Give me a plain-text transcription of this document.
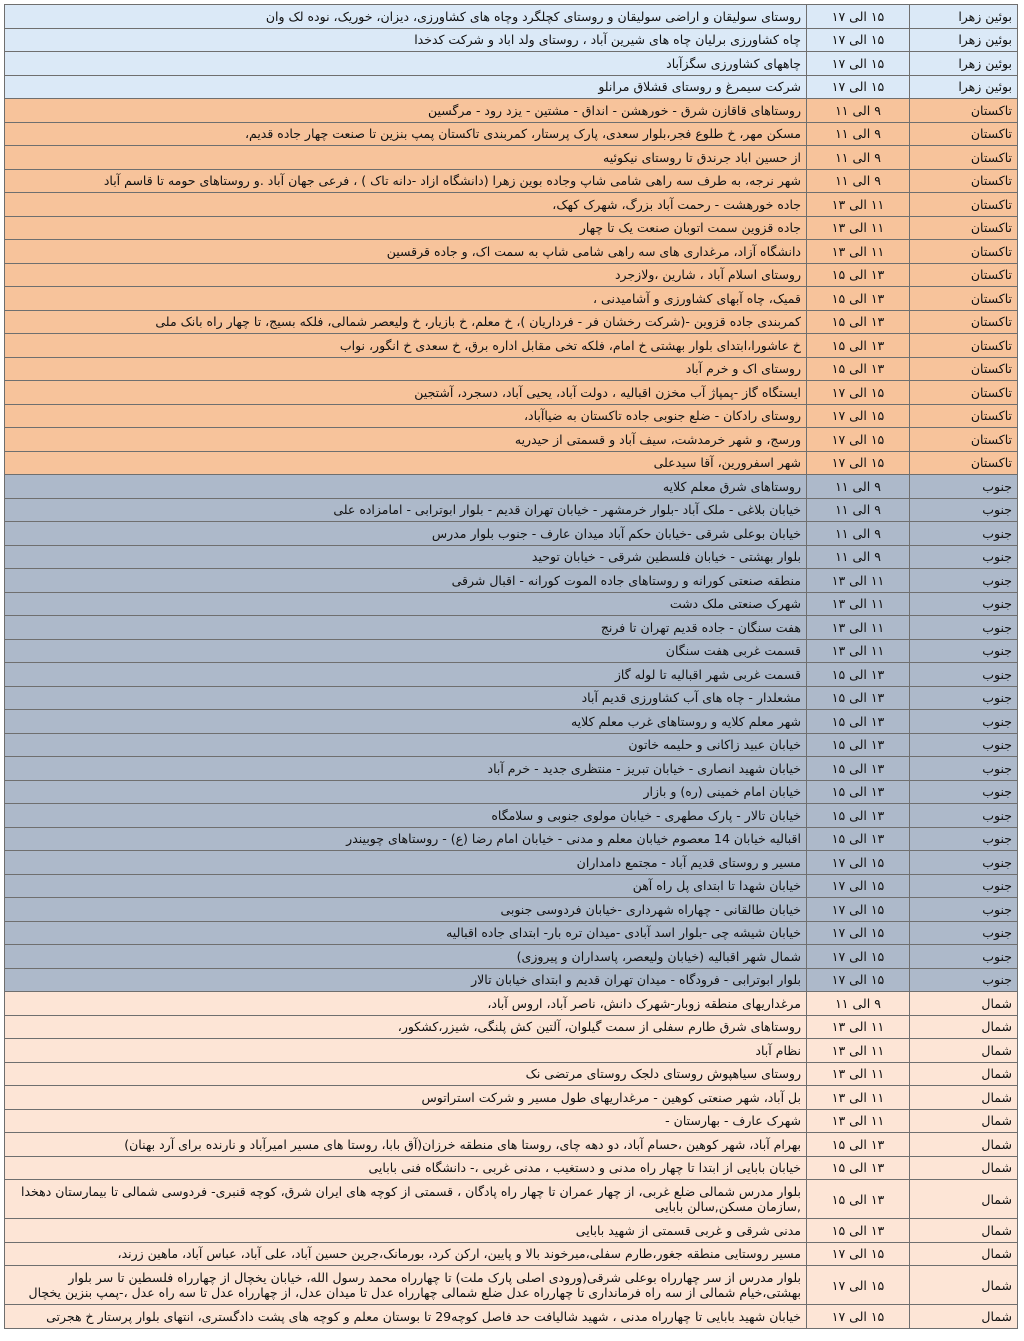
بوئین زهرا	۱۵ الی ۱۷	روستای سولیقان و اراضی سولیقان و روستای کچلگرد وچاه های کشاورزی، دیزان، خوریک، نوده لک وان
بوئین زهرا	۱۵ الی ۱۷	چاه کشاورزی برلیان چاه های شیرین آباد ، روستای ولد اباد و شرکت کدخدا
بوئین زهرا	۱۵ الی ۱۷	چاههای کشاورزی سگزآباد
بوئین زهرا	۱۵ الی ۱۷	شرکت سیمرغ و روستای قشلاق مرانلو
تاکستان	۹ الی ۱۱	روستاهای قاقازن شرق - خورهشن - انداق - مشتین - یزد رود - مرگسین
تاکستان	۹ الی ۱۱	مسکن مهر، خ طلوع فجر،بلوار سعدی، پارک پرستار، کمربندی تاکستان پمپ بنزین تا صنعت چهار جاده قدیم،
تاکستان	۹ الی ۱۱	از حسین اباد جرندق تا روستای نیکوئیه
تاکستان	۹ الی ۱۱	شهر نرجه، به طرف سه راهی شامی شاپ وجاده بوین زهرا (دانشگاه ازاد -دانه تاک ) ، فرعی جهان آباد .و روستاهای حومه تا قاسم آباد
تاکستان	۱۱ الی ۱۳	جاده خورهشت - رحمت آباد بزرگ، شهرک کهک،
تاکستان	۱۱ الی ۱۳	جاده قزوین سمت اتوبان صنعت یک تا چهار
تاکستان	۱۱ الی ۱۳	دانشگاه آزاد، مرغداری های سه راهی شامی شاپ به سمت اک، و جاده قرقسین
تاکستان	۱۳ الی ۱۵	روستای اسلام آباد ، شارین ،ولازجرد
تاکستان	۱۳ الی ۱۵	قمیک، چاه آبهای کشاورزی و آشامیدنی ،
تاکستان	۱۳ الی ۱۵	کمربندی جاده قزوین -(شرکت رخشان فر - فرداریان )، خ معلم، خ بازیار، خ ولیعصر شمالی، فلکه بسیج، تا چهار راه بانک ملی
تاکستان	۱۳ الی ۱۵	خ عاشورا،ابتدای بلوار بهشتی خ امام، فلکه تخی مقابل اداره برق، خ سعدی خ انگور، نواب
تاکستان	۱۳ الی ۱۵	روستای اک و خرم آباد
تاکستان	۱۵ الی ۱۷	ایستگاه گاز -پمپاژ آب مخزن اقبالیه ، دولت آباد، یحیی آباد، دسجرد، آشتجین
تاکستان	۱۵ الی ۱۷	روستای رادکان - ضلع جنوبی جاده تاکستان به ضیاآباد،
تاکستان	۱۵ الی ۱۷	ورسج، و شهر خرمدشت، سیف آباد و قسمتی از حیدریه
تاکستان	۱۵ الی ۱۷	شهر اسفرورین، آقا سیدعلی
جنوب	۹ الی ۱۱	روستاهای شرق معلم کلایه
جنوب	۹ الی ۱۱	خیابان بلاغی - ملک آباد -بلوار خرمشهر - خیابان تهران قدیم - بلوار ابوترابی - امامزاده علی
جنوب	۹ الی ۱۱	خیابان بوعلی شرقی -خیابان حکم آباد میدان عارف - جنوب بلوار مدرس
جنوب	۹ الی ۱۱	بلوار بهشتی - خیابان فلسطین شرقی - خیابان توحید
جنوب	۱۱ الی ۱۳	منطقه صنعتی کورانه و روستاهای جاده الموت کورانه - اقبال شرقی
جنوب	۱۱ الی ۱۳	شهرک صنعتی ملک دشت
جنوب	۱۱ الی ۱۳	هفت سنگان - جاده قدیم تهران تا فرنج
جنوب	۱۱ الی ۱۳	قسمت غربی هفت سنگان
جنوب	۱۳ الی ۱۵	قسمت غربی شهر اقبالیه تا لوله گاز
جنوب	۱۳ الی ۱۵	مشعلدار - چاه های آب کشاورزی قدیم آباد
جنوب	۱۳ الی ۱۵	شهر معلم کلایه و روستاهای غرب معلم کلایه
جنوب	۱۳ الی ۱۵	خیابان عبید زاکانی و حلیمه خاتون
جنوب	۱۳ الی ۱۵	خیابان شهید انصاری - خیابان تبریز - منتظری جدید - خرم آباد
جنوب	۱۳ الی ۱۵	خیابان امام خمینی (ره) و بازار
جنوب	۱۳ الی ۱۵	خیابان تالار - پارک مطهری - خیابان مولوی جنوبی و سلامگاه
جنوب	۱۳ الی ۱۵	اقبالیه خیابان 14 معصوم خیابان معلم و مدنی - خیابان امام رضا (ع) - روستاهای چوبیندر
جنوب	۱۵ الی ۱۷	مسیر و روستای قدیم آباد - مجتمع دامداران
جنوب	۱۵ الی ۱۷	خیابان شهدا تا ابتدای پل راه آهن
جنوب	۱۵ الی ۱۷	خیابان طالقانی - چهاراه شهرداری -خیابان فردوسی جنوبی
جنوب	۱۵ الی ۱۷	خیابان شیشه چی -بلوار اسد آبادی -میدان تره بار- ابتدای جاده اقبالیه
جنوب	۱۵ الی ۱۷	شمال شهر اقبالیه (خیابان ولیعصر، پاسداران و پیروزی)
جنوب	۱۵ الی ۱۷	بلوار ابوترابی - فرودگاه - میدان تهران قدیم و ابتدای خیابان تالار
شمال	۹ الی ۱۱	مرغداریهای منطقه زوبار-شهرک دانش، ناصر آباد، اروس آباد،
شمال	۱۱ الی ۱۳	روستاهای شرق طارم سفلی از سمت گیلوان، آلتین کش پلنگی، شیزر،کشکور،
شمال	۱۱ الی ۱۳	نظام آباد
شمال	۱۱ الی ۱۳	روستای سیاهپوش روستای دلجک روستای مرتضی نک
شمال	۱۱ الی ۱۳	بل آباد، شهر صنعتی کوهین - مرغداریهای طول مسیر و شرکت استراتوس
شمال	۱۱ الی ۱۳	شهرک عارف - بهارستان -
شمال	۱۳ الی ۱۵	بهرام آباد، شهر کوهین ،حسام آباد، دو دهه چای، روستا های منطقه خرزان(آق بابا، روستا های مسیر امیرآباد و نارنده برای آرد بهنان)
شمال	۱۳ الی ۱۵	خیابان بابایی از ابتدا تا چهار راه مدنی و دستغیب ، مدنی غربی ،- دانشگاه فنی بابایی
شمال	۱۳ الی ۱۵	بلوار مدرس شمالی ضلع غربی، از چهار عمران تا چهار راه پادگان ، قسمتی از کوچه های ایران شرق، کوچه قنبری- فردوسی شمالی تا بیمارستان دهخدا ,سازمان مسکن,سالن بابایی
شمال	۱۳ الی ۱۵	مدنی شرقی و غربی قسمتی از شهید بابایی
شمال	۱۵ الی ۱۷	مسیر روستایی منطقه جغور،طارم سفلی،میرخوند بالا و پایین، ارکن کرد، بورمانک،جرین حسین آباد، علی آباد، عباس آباد، ماهین زرند،
شمال	۱۵ الی ۱۷	بلوار مدرس از سر چهارراه بوعلی شرقی(ورودی اصلی پارک ملت) تا چهارراه محمد رسول الله، خیابان یخچال از چهارراه فلسطین تا سر بلوار بهشتی،خیام شمالی از سه راه فرمانداری تا چهارراه عدل ضلع شمالی چهارراه عدل تا میدان عدل، از چهارراه عدل تا سه راه عدل ،-پمپ بنزین یخچال
شمال	۱۵ الی ۱۷	خیابان شهید بابایی تا چهارراه مدنی ، شهید شالیافت حد فاصل کوچه29 تا بوستان معلم و کوچه های پشت دادگستری، انتهای بلوار پرستار خ هجرتی
